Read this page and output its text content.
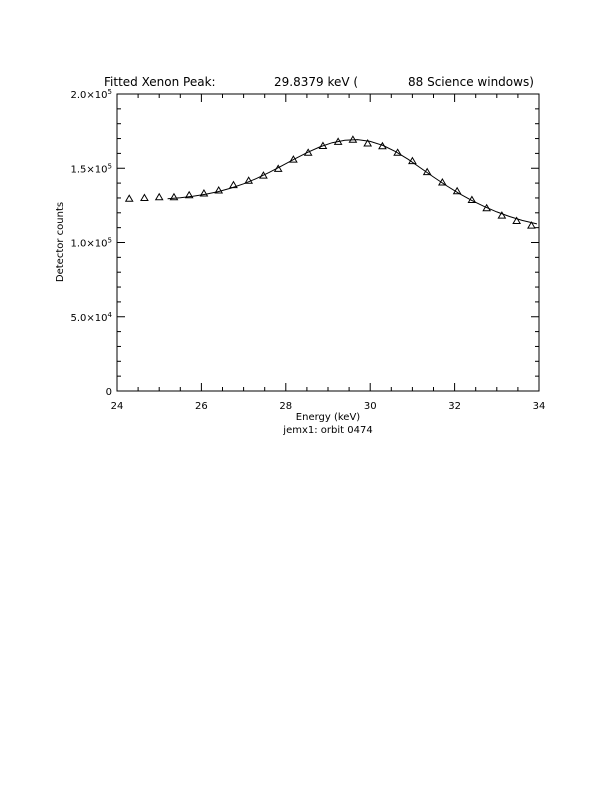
Fitted Xenon Peak:	29.8379 keV (	88 Science windows)
24	26	28	30	32	34
0
$5.0\times 10^4$
$1.0\times 10^5$
$1.5\times 10^5$
$2.0\times 10^5$
Energy (keV)
jemx1: orbit 0474
Detector counts
